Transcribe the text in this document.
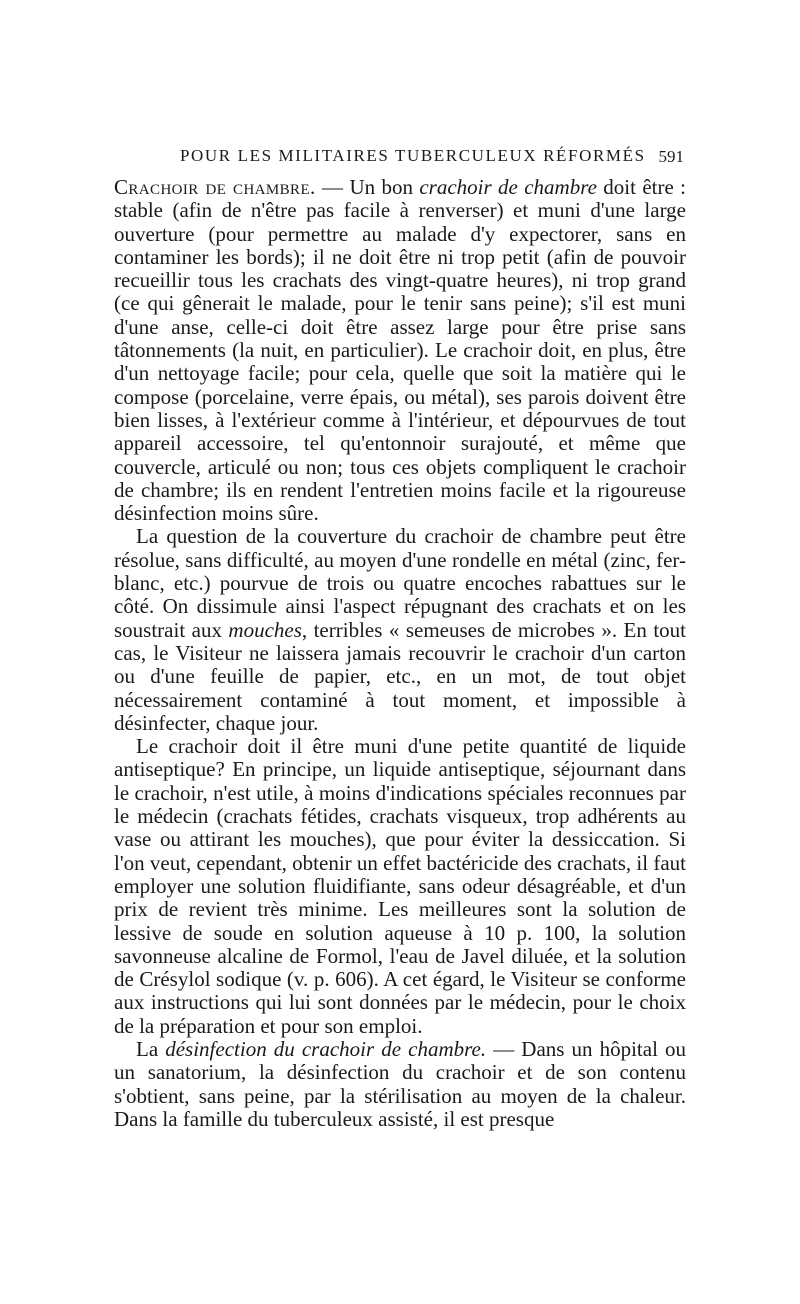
POUR LES MILITAIRES TUBERCULEUX RÉFORMÉS 591

Crachoir de chambre. — Un bon crachoir de chambre doit être : stable (afin de n'être pas facile à renverser) et muni d'une large ouverture (pour permettre au malade d'y expectorer, sans en contaminer les bords); il ne doit être ni trop petit (afin de pouvoir recueillir tous les crachats des vingt-quatre heures), ni trop grand (ce qui gênerait le malade, pour le tenir sans peine); s'il est muni d'une anse, celle-ci doit être assez large pour être prise sans tâtonnements (la nuit, en particulier). Le crachoir doit, en plus, être d'un nettoyage facile; pour cela, quelle que soit la matière qui le compose (porcelaine, verre épais, ou métal), ses parois doivent être bien lisses, à l'extérieur comme à l'intérieur, et dépourvues de tout appareil accessoire, tel qu'entonnoir surajouté, et même que couvercle, articulé ou non; tous ces objets compliquent le crachoir de chambre; ils en rendent l'entretien moins facile et la rigoureuse désinfection moins sûre.

La question de la couverture du crachoir de chambre peut être résolue, sans difficulté, au moyen d'une rondelle en métal (zinc, fer-blanc, etc.) pourvue de trois ou quatre encoches rabattues sur le côté. On dissimule ainsi l'aspect répugnant des crachats et on les soustrait aux mouches, terribles « semeuses de microbes ». En tout cas, le Visiteur ne laissera jamais recouvrir le crachoir d'un carton ou d'une feuille de papier, etc., en un mot, de tout objet nécessairement contaminé à tout moment, et impossible à désinfecter, chaque jour.

Le crachoir doit il être muni d'une petite quantité de liquide antiseptique? En principe, un liquide antiseptique, séjournant dans le crachoir, n'est utile, à moins d'indications spéciales reconnues par le médecin (crachats fétides, crachats visqueux, trop adhérents au vase ou attirant les mouches), que pour éviter la dessiccation. Si l'on veut, cependant, obtenir un effet bactéricide des crachats, il faut employer une solution fluidifiante, sans odeur désagréable, et d'un prix de revient très minime. Les meilleures sont la solution de lessive de soude en solution aqueuse à 10 p. 100, la solution savonneuse alcaline de Formol, l'eau de Javel diluée, et la solution de Crésylol sodique (v. p. 606). A cet égard, le Visiteur se conforme aux instructions qui lui sont données par le médecin, pour le choix de la préparation et pour son emploi.

La désinfection du crachoir de chambre. — Dans un hôpital ou un sanatorium, la désinfection du crachoir et de son contenu s'obtient, sans peine, par la stérilisation au moyen de la chaleur. Dans la famille du tuberculeux assisté, il est presque
